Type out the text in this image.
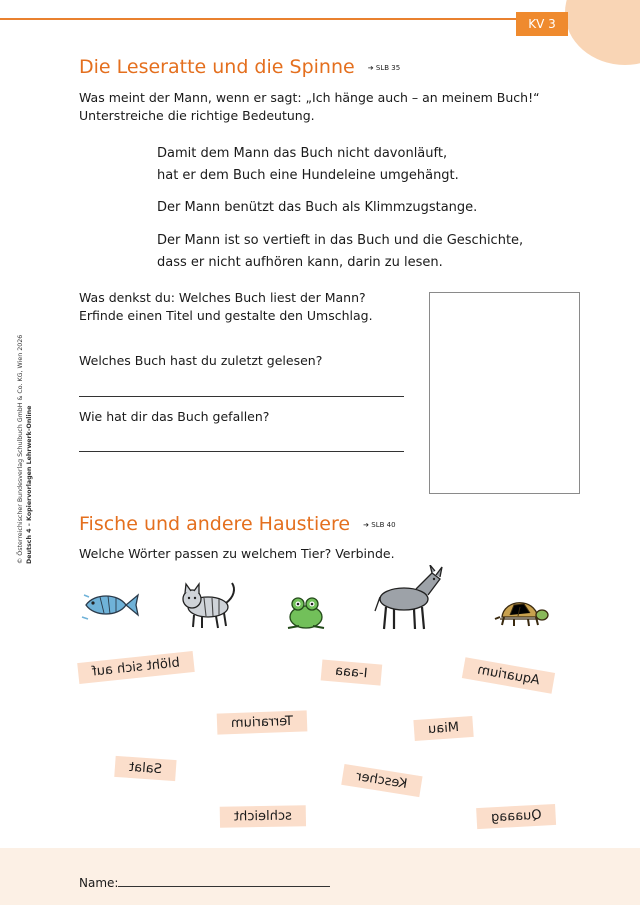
KV 3
© Österreichischer Bundesverlag Schulbuch GmbH & Co. KG, Wien 2026 Deutsch 4 – Kopiervorlagen Lehrwerk-Online
Die Leseratte und die Spinne ➔ SLB 35
Was meint der Mann, wenn er sagt: „Ich hänge auch – an meinem Buch!“
Unterstreiche die richtige Bedeutung.
Damit dem Mann das Buch nicht davonläuft,
hat er dem Buch eine Hundeleine umgehängt.
Der Mann benützt das Buch als Klimmzugstange.
Der Mann ist so vertieft in das Buch und die Geschichte,
dass er nicht aufhören kann, darin zu lesen.
Was denkst du: Welches Buch liest der Mann?
Erfinde einen Titel und gestalte den Umschlag.
Welches Buch hast du zuletzt gelesen?
Wie hat dir das Buch gefallen?
Fische und andere Haustiere ➔ SLB 40
Welche Wörter passen zu welchem Tier? Verbinde.
blöht sich auf	I-aaa	Aquarium
Terrarium	Miau
Salat
Kescher
schleicht	Quaaag
Name:
